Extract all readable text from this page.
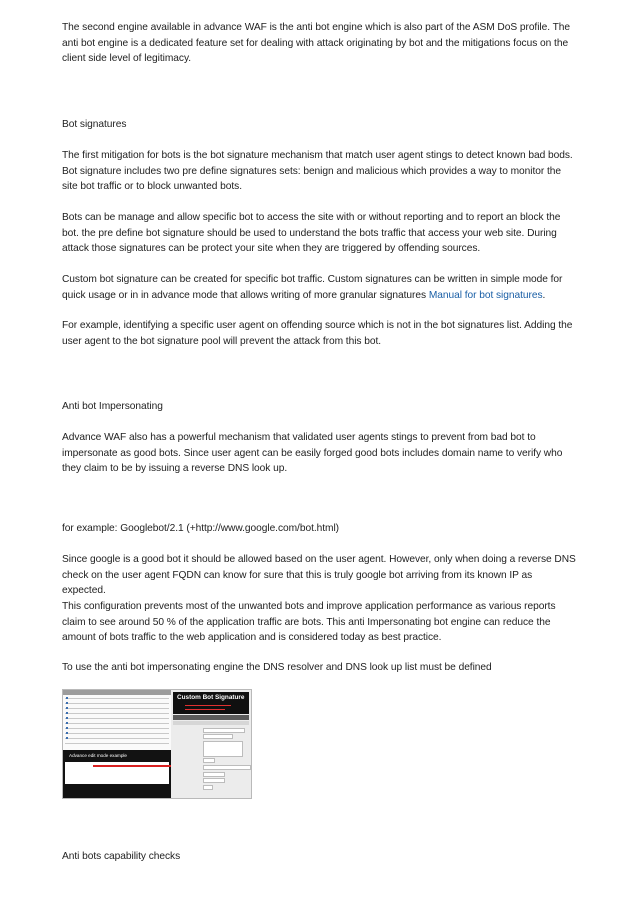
The second engine available in advance WAF is the anti bot engine which is also part of the ASM DoS profile. The anti bot engine is a dedicated feature set for dealing with attack originating by bot and the mitigations focus on the client side level of legitimacy.

Bot signatures

The first mitigation for bots is the bot signature mechanism that match user agent stings to detect known bad bods. Bot signature includes two pre define signatures sets: benign and malicious which provides a way to monitor the site bot traffic or to block unwanted bots.

Bots can be manage and allow specific bot to access the site with or without reporting and to report an block the bot. the pre define bot signature should be used to understand the bots traffic that access your web site. During attack those signatures can be protect your site when they are triggered by offending sources.

Custom bot signature can be created for specific bot traffic. Custom signatures can be written in simple mode for quick usage or in in advance mode that allows writing of more granular signatures Manual for bot signatures.

For example, identifying a specific user agent on offending source which is not in the bot signatures list. Adding the user agent to the bot signature pool will prevent the attack from this bot.

Anti bot Impersonating

Advance WAF also has a powerful mechanism that validated user agents stings to prevent from bad bot to impersonate as good bots. Since user agent can be easily forged good bots includes domain name to verify who they claim to be by issuing a reverse DNS look up.

for example: Googlebot/2.1 (+http://www.google.com/bot.html)

Since google is a good bot it should be allowed based on the user agent. However, only when doing a reverse DNS check on the user agent FQDN can know for sure that this is truly google bot arriving from its known IP as expected.

This configuration prevents most of the unwanted bots and improve application performance as various reports claim to see around 50 % of the application traffic are bots. This anti Impersonating bot engine can reduce the amount of bots traffic to the web application and is considered today as best practice.

To use the anti bot impersonating engine the DNS resolver and DNS look up list must be defined

Custom Bot Signature
Advance edit mode example

Anti bots capability checks
